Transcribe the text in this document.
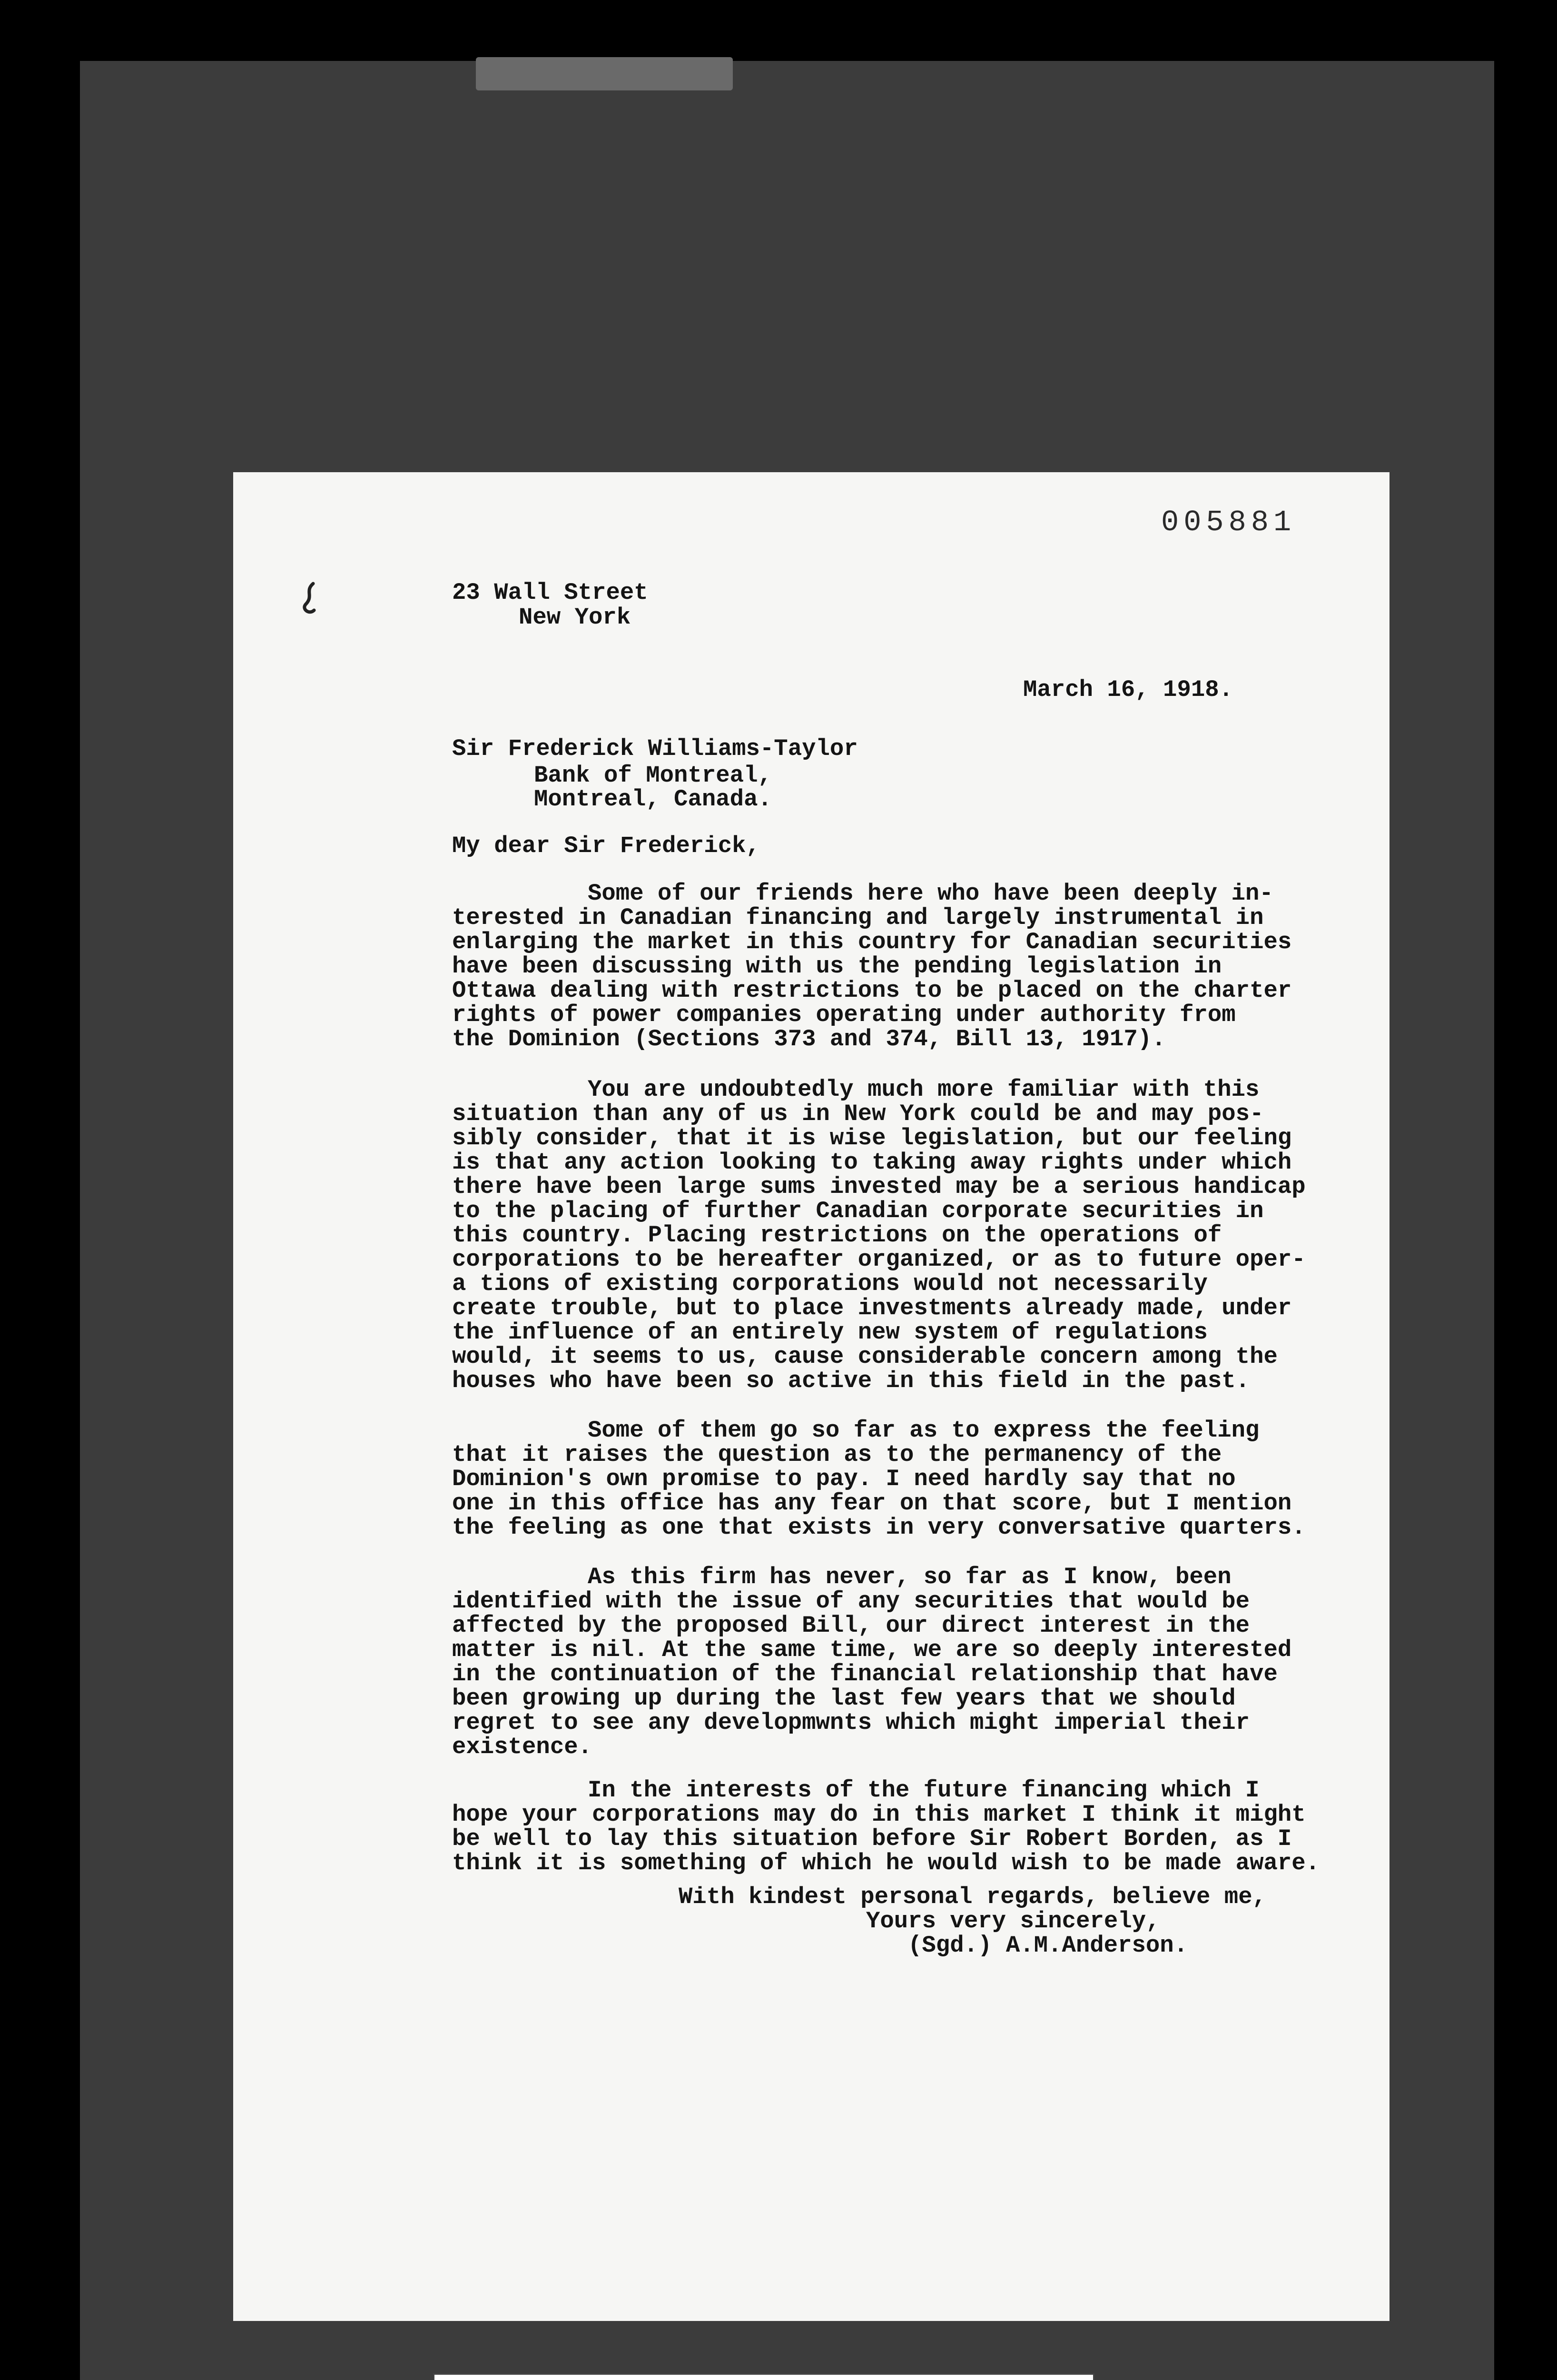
005881
23 Wall Street
New York
March 16, 1918.
Sir Frederick Williams-Taylor
Bank of Montreal,
Montreal, Canada.
My dear Sir Frederick,
Some of our friends here who have been deeply in-
terested in Canadian financing and largely instrumental in
enlarging the market in this country for Canadian securities
have been discussing with us the pending legislation in
Ottawa dealing with restrictions to be placed on the charter
rights of power companies operating under authority from
the Dominion (Sections 373 and 374, Bill 13, 1917).
You are undoubtedly much more familiar with this
situation than any of us in New York could be and may pos-
sibly consider, that it is wise legislation, but our feeling
is that any action looking to taking away rights under which
there have been large sums invested may be a serious handicap
to the placing of further Canadian corporate securities in
this country. Placing restrictions on the operations of
corporations to be hereafter organized, or as to future oper-
a tions of existing corporations would not necessarily
create trouble, but to place investments already made, under
the influence of an entirely new system of regulations
would, it seems to us, cause considerable concern among the
houses who have been so active in this field in the past.
Some of them go so far as to express the feeling
that it raises the question as to the permanency of the
Dominion's own promise to pay. I need hardly say that no
one in this office has any fear on that score, but I mention
the feeling as one that exists in very conversative quarters.
As this firm has never, so far as I know, been
identified with the issue of any securities that would be
affected by the proposed Bill, our direct interest in the
matter is nil. At the same time, we are so deeply interested
in the continuation of the financial relationship that have
been growing up during the last few years that we should
regret to see any developmwnts which might imperial their
existence.
In the interests of the future financing which I
hope your corporations may do in this market I think it might
be well to lay this situation before Sir Robert Borden, as I
think it is something of which he would wish to be made aware.
With kindest personal regards, believe me,
Yours very sincerely,
(Sgd.) A.M.Anderson.
